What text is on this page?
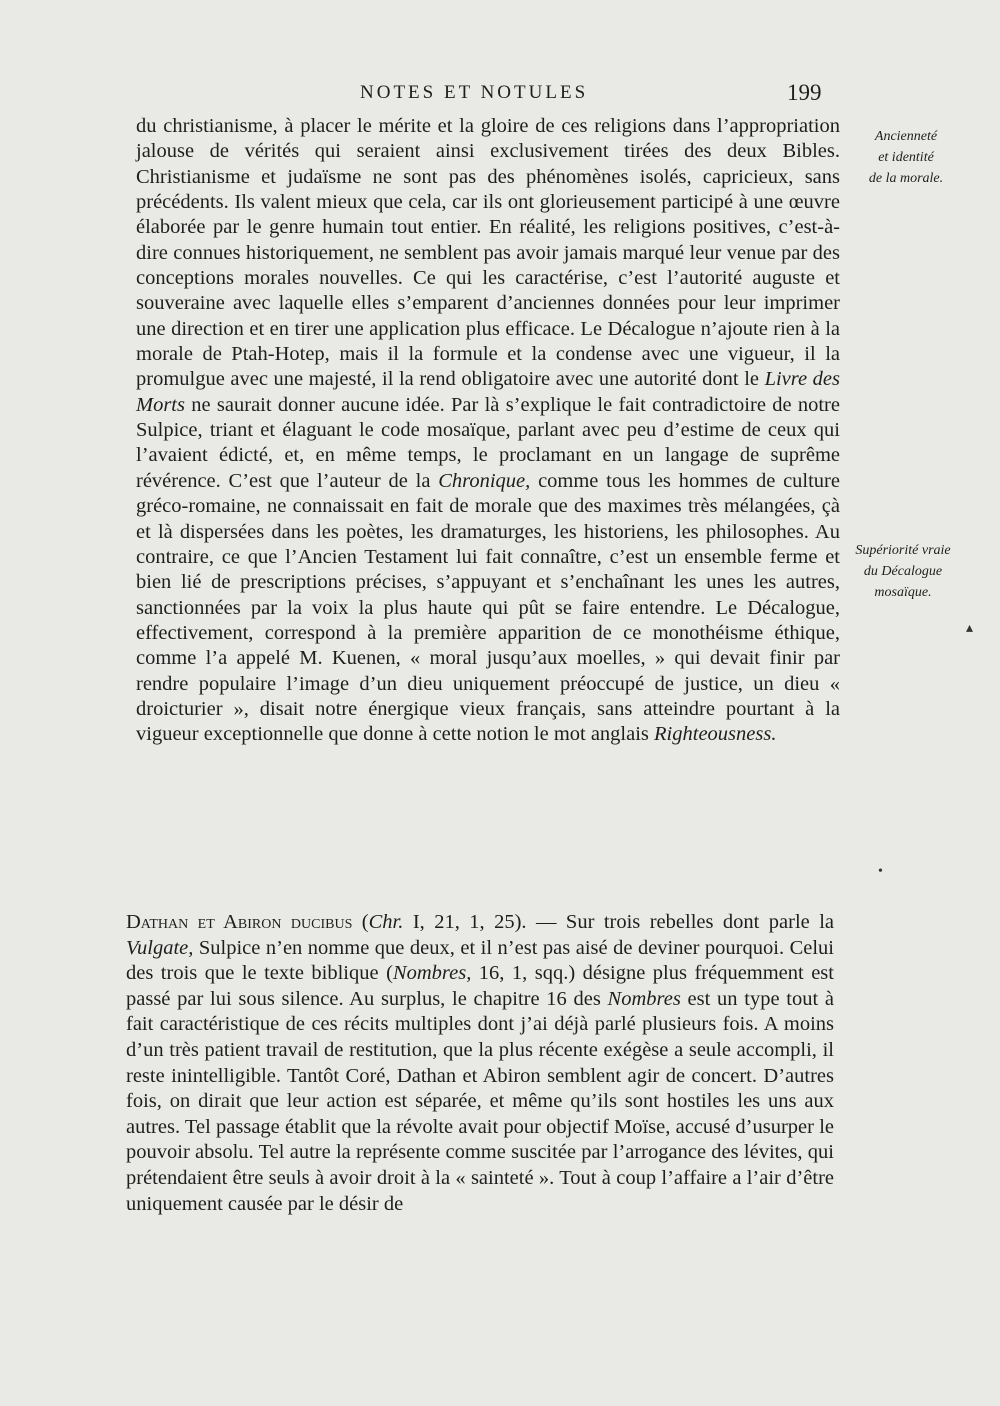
NOTES ET NOTULES	199
Ancienneté
et identité
de la morale.
Supériorité vraie
du Décalogue
mosaïque.

du christianisme, à placer le mérite et la gloire de ces religions dans l’appropriation jalouse de vérités qui seraient ainsi exclusivement tirées des deux Bibles. Christianisme et judaïsme ne sont pas des phénomènes isolés, capricieux, sans précédents. Ils valent mieux que cela, car ils ont glorieusement participé à une œuvre élaborée par le genre humain tout entier. En réalité, les religions positives, c’est-à-dire connues historiquement, ne semblent pas avoir jamais marqué leur venue par des conceptions morales nouvelles. Ce qui les caractérise, c’est l’autorité auguste et souveraine avec laquelle elles s’emparent d’anciennes données pour leur imprimer une direction et en tirer une application plus efficace. Le Décalogue n’ajoute rien à la morale de Ptah-Hotep, mais il la formule et la condense avec une vigueur, il la promulgue avec une majesté, il la rend obligatoire avec une autorité dont le Livre des Morts ne saurait donner aucune idée. Par là s’explique le fait contradictoire de notre Sulpice, triant et élaguant le code mosaïque, parlant avec peu d’estime de ceux qui l’avaient édicté, et, en même temps, le proclamant en un langage de suprême révérence. C’est que l’auteur de la Chronique, comme tous les hommes de culture gréco-romaine, ne connaissait en fait de morale que des maximes très mélangées, çà et là dispersées dans les poètes, les dramaturges, les historiens, les philosophes. Au contraire, ce que l’Ancien Testament lui fait connaître, c’est un ensemble ferme et bien lié de prescriptions précises, s’appuyant et s’enchaînant les unes les autres, sanctionnées par la voix la plus haute qui pût se faire entendre. Le Décalogue, effectivement, correspond à la première apparition de ce monothéisme éthique, comme l’a appelé M. Kuenen, « moral jusqu’aux moelles, » qui devait finir par rendre populaire l’image d’un dieu uniquement préoccupé de justice, un dieu « droicturier », disait notre énergique vieux français, sans atteindre pourtant à la vigueur exceptionnelle que donne à cette notion le mot anglais Righteousness.

Dathan et Abiron ducibus (Chr. I, 21, 1, 25). — Sur trois rebelles dont parle la Vulgate, Sulpice n’en nomme que deux, et il n’est pas aisé de deviner pourquoi. Celui des trois que le texte biblique (Nombres, 16, 1, sqq.) désigne plus fréquemment est passé par lui sous silence. Au surplus, le chapitre 16 des Nombres est un type tout à fait caractéristique de ces récits multiples dont j’ai déjà parlé plusieurs fois. A moins d’un très patient travail de restitution, que la plus récente exégèse a seule accompli, il reste inintelligible. Tantôt Coré, Dathan et Abiron semblent agir de concert. D’autres fois, on dirait que leur action est séparée, et même qu’ils sont hostiles les uns aux autres. Tel passage établit que la révolte avait pour objectif Moïse, accusé d’usurper le pouvoir absolu. Tel autre la représente comme suscitée par l’arrogance des lévites, qui prétendaient être seuls à avoir droit à la « sainteté ». Tout à coup l’affaire a l’air d’être uniquement causée par le désir de

▴
•
